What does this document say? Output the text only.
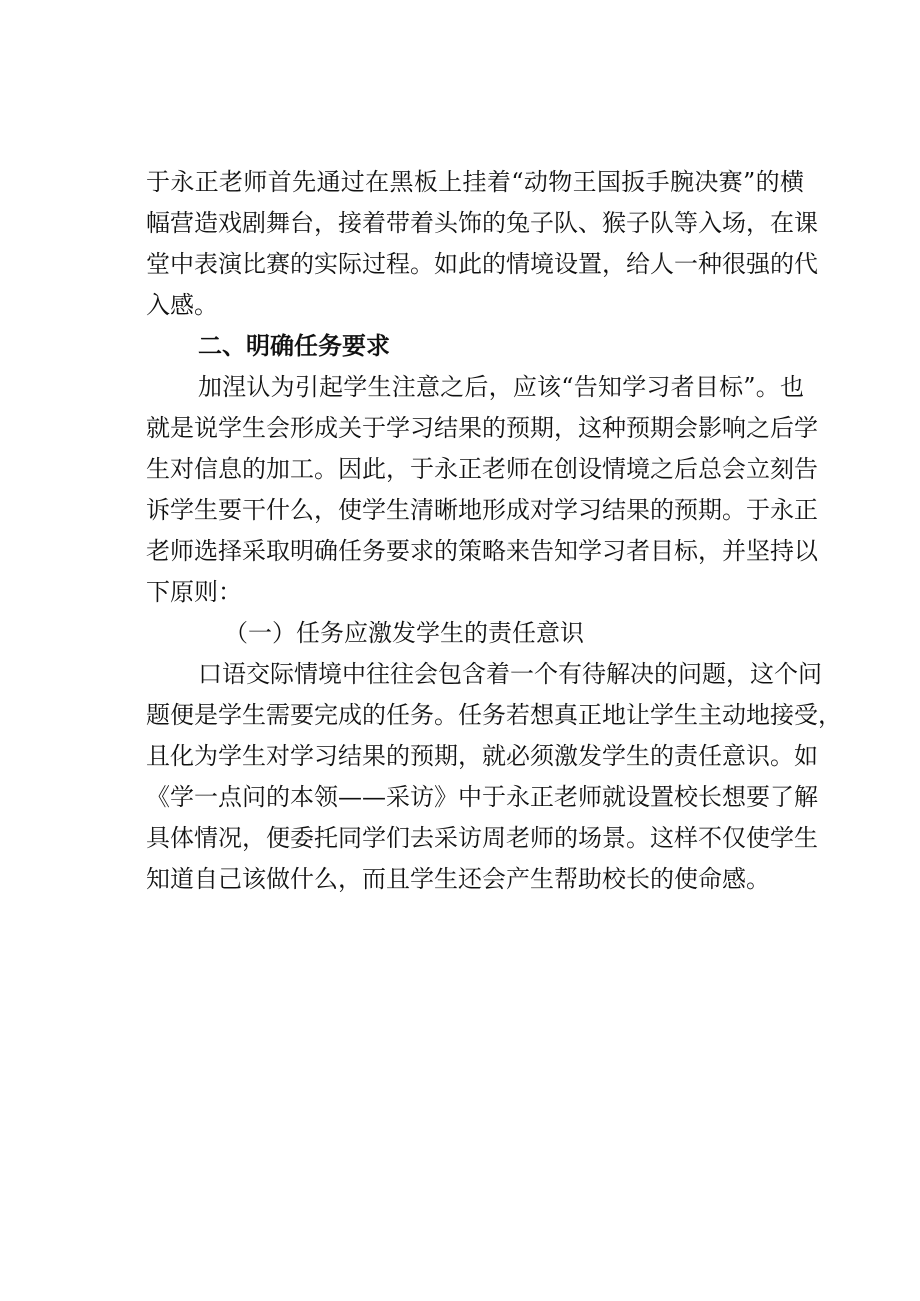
于永正老师首先通过在黑板上挂着“动物王国扳手腕决赛”的横
幅营造戏剧舞台，接着带着头饰的兔子队、猴子队等入场，在课
堂中表演比赛的实际过程。如此的情境设置，给人一种很强的代
入感。
二、明确任务要求
加涅认为引起学生注意之后，应该“告知学习者目标”。也
就是说学生会形成关于学习结果的预期，这种预期会影响之后学
生对信息的加工。因此，于永正老师在创设情境之后总会立刻告
诉学生要干什么，使学生清晰地形成对学习结果的预期。于永正
老师选择采取明确任务要求的策略来告知学习者目标，并坚持以
下原则：
（一）任务应激发学生的责任意识
口语交际情境中往往会包含着一个有待解决的问题，这个问
题便是学生需要完成的任务。任务若想真正地让学生主动地接受，
且化为学生对学习结果的预期，就必须激发学生的责任意识。如
《学一点问的本领——采访》中于永正老师就设置校长想要了解
具体情况，便委托同学们去采访周老师的场景。这样不仅使学生
知道自己该做什么，而且学生还会产生帮助校长的使命感。
